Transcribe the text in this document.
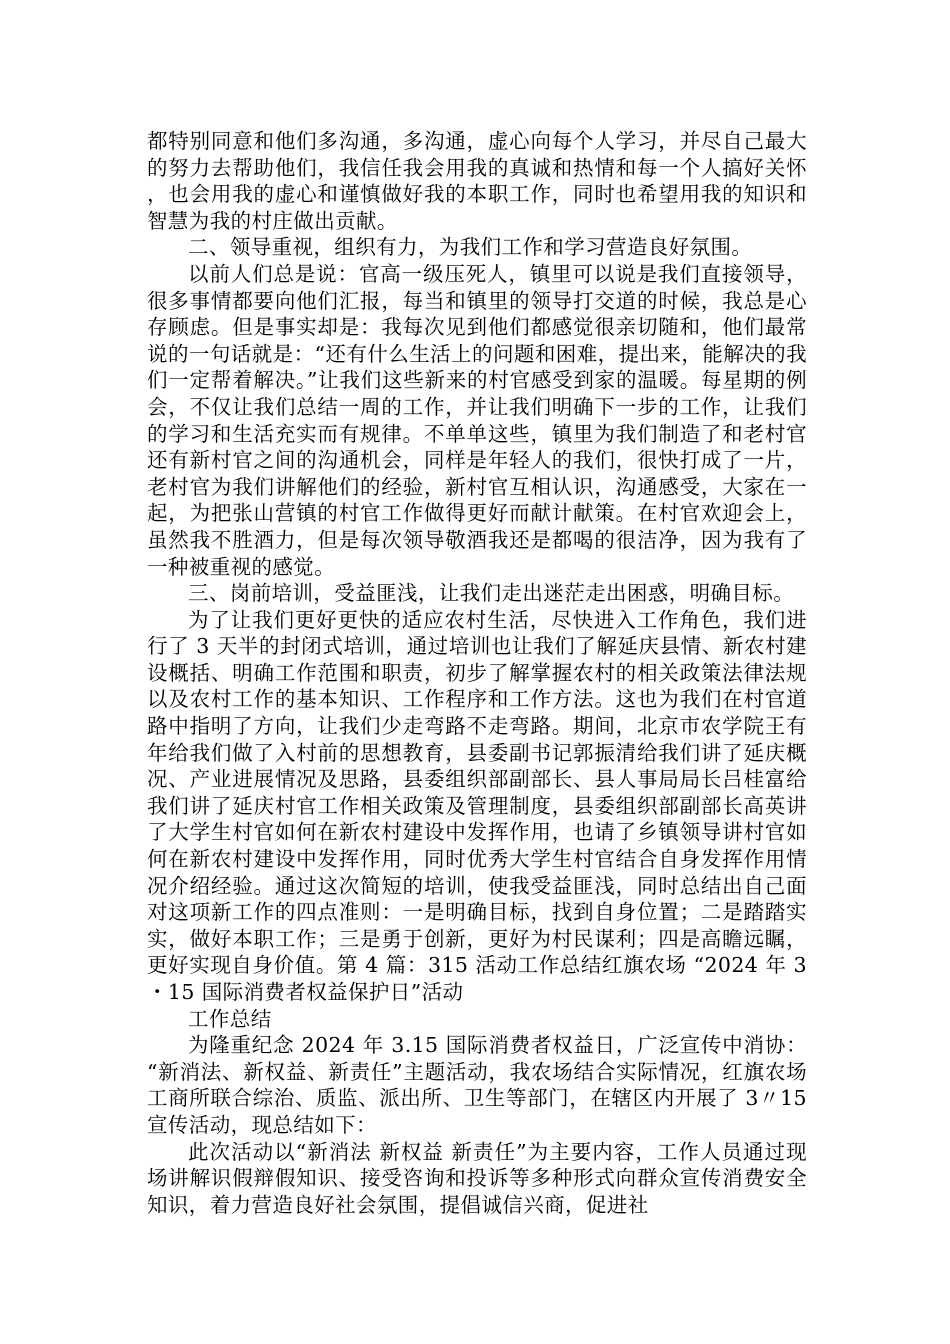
都特别同意和他们多沟通，多沟通，虚心向每个人学习，并尽自己最大的努力去帮助他们，我信任我会用我的真诚和热情和每一个人搞好关怀，也会用我的虚心和谨慎做好我的本职工作，同时也希望用我的知识和智慧为我的村庄做出贡献。

二、领导重视，组织有力，为我们工作和学习营造良好氛围。

以前人们总是说：官高一级压死人，镇里可以说是我们直接领导，很多事情都要向他们汇报，每当和镇里的领导打交道的时候，我总是心存顾虑。但是事实却是：我每次见到他们都感觉很亲切随和，他们最常说的一句话就是：“还有什么生活上的问题和困难，提出来，能解决的我们一定帮着解决。”让我们这些新来的村官感受到家的温暖。每星期的例会，不仅让我们总结一周的工作，并让我们明确下一步的工作，让我们的学习和生活充实而有规律。不单单这些，镇里为我们制造了和老村官还有新村官之间的沟通机会，同样是年轻人的我们，很快打成了一片，老村官为我们讲解他们的经验，新村官互相认识，沟通感受，大家在一起，为把张山营镇的村官工作做得更好而献计献策。在村官欢迎会上，虽然我不胜酒力，但是每次领导敬酒我还是都喝的很洁净，因为我有了一种被重视的感觉。

三、岗前培训，受益匪浅，让我们走出迷茫走出困惑，明确目标。

为了让我们更好更快的适应农村生活，尽快进入工作角色，我们进行了 3 天半的封闭式培训，通过培训也让我们了解延庆县情、新农村建设概括、明确工作范围和职责，初步了解掌握农村的相关政策法律法规以及农村工作的基本知识、工作程序和工作方法。这也为我们在村官道路中指明了方向，让我们少走弯路不走弯路。期间，北京市农学院王有年给我们做了入村前的思想教育，县委副书记郭振清给我们讲了延庆概况、产业进展情况及思路，县委组织部副部长、县人事局局长吕桂富给我们讲了延庆村官工作相关政策及管理制度，县委组织部副部长高英讲了大学生村官如何在新农村建设中发挥作用，也请了乡镇领导讲村官如何在新农村建设中发挥作用，同时优秀大学生村官结合自身发挥作用情况介绍经验。通过这次简短的培训，使我受益匪浅，同时总结出自己面对这项新工作的四点准则：一是明确目标，找到自身位置；二是踏踏实实，做好本职工作；三是勇于创新，更好为村民谋利；四是高瞻远瞩，更好实现自身价值。第 4 篇：315 活动工作总结红旗农场 “2024 年 3・15 国际消费者权益保护日”活动

工作总结

为隆重纪念 2024 年 3.15 国际消费者权益日，广泛宣传中消协：“新消法、新权益、新责任”主题活动，我农场结合实际情况，红旗农场工商所联合综治、质监、派出所、卫生等部门，在辖区内开展了 3〃15 宣传活动，现总结如下：

此次活动以“新消法 新权益 新责任”为主要内容，工作人员通过现场讲解识假辩假知识、接受咨询和投诉等多种形式向群众宣传消费安全知识，着力营造良好社会氛围，提倡诚信兴商，促进社
